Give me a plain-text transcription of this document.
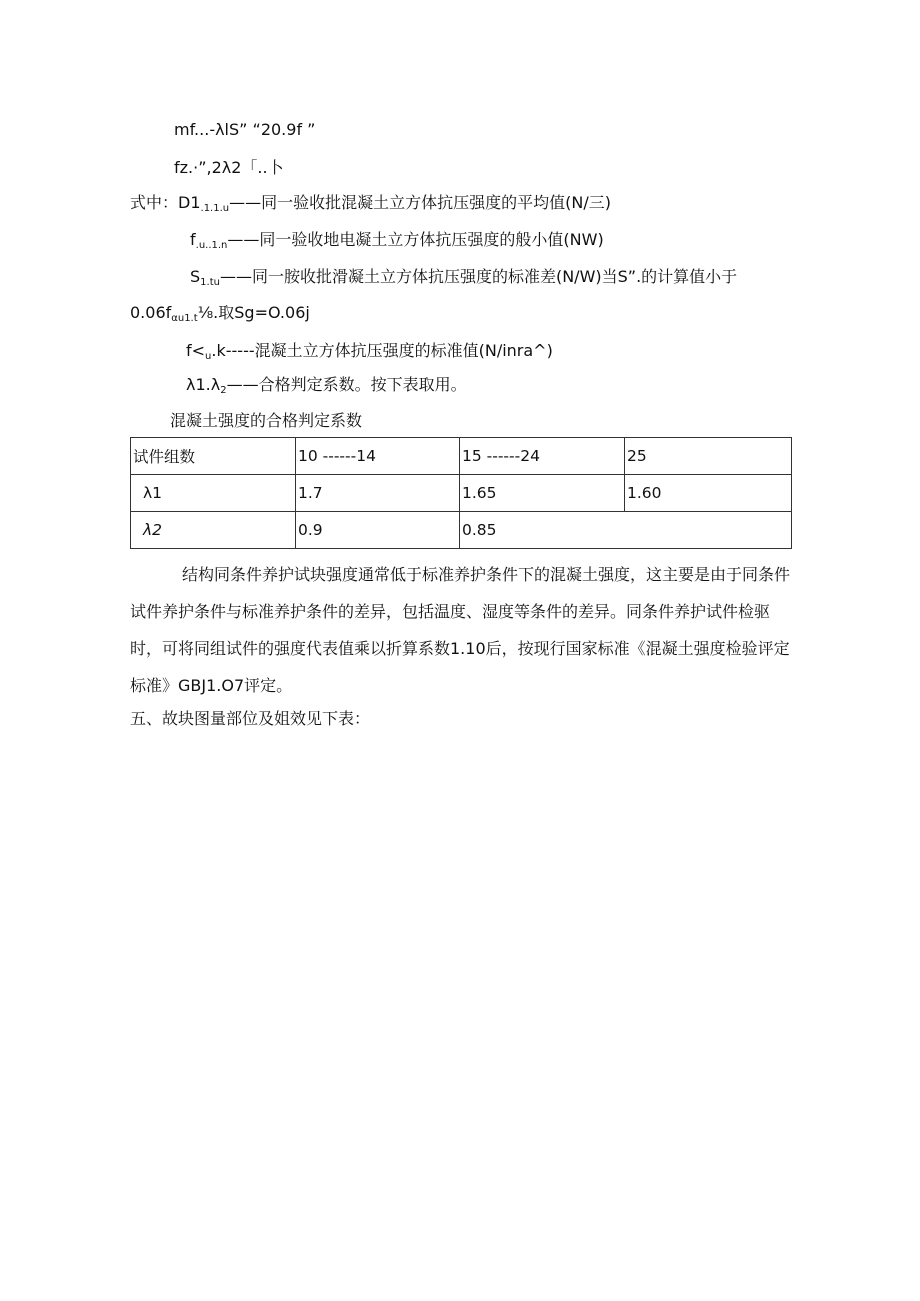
mf...-λlS” “20.9f ”
fz.·”,2λ2「..卜
式中：D1.1.1.u——同一验收批混凝土立方体抗压强度的平均值(N/三)
f.u..1.n——同一验收地电凝土立方体抗压强度的般小值(NW)
S1.tu——同一胺收批滑凝土立方体抗压强度的标准差(N/W)当S”.的计算值小于
0.06fαu1.t⅛.取Sg=O.06j
f<u.k-----混凝土立方体抗压强度的标准值(N∕inra^)
λ1.λ2——合格判定系数。按下表取用。
混凝土强度的合格判定系数
试件组数	10 ------14	15 ------24	25
λ1	1.7	1.65	1.60
λ2	0.9	0.85	
结构同条件养护试块强度通常低于标准养护条件下的混凝土强度，这主要是由于同条件试件养护条件与标准养护条件的差异，包括温度、湿度等条件的差异。同条件养护试件检驱时，可将同组试件的强度代表值乘以折算系数1.10后，按现行国家标准《混凝土强度检验评定标准》GBJ1.O7评定。
五、故块图量部位及姐效见下表：
